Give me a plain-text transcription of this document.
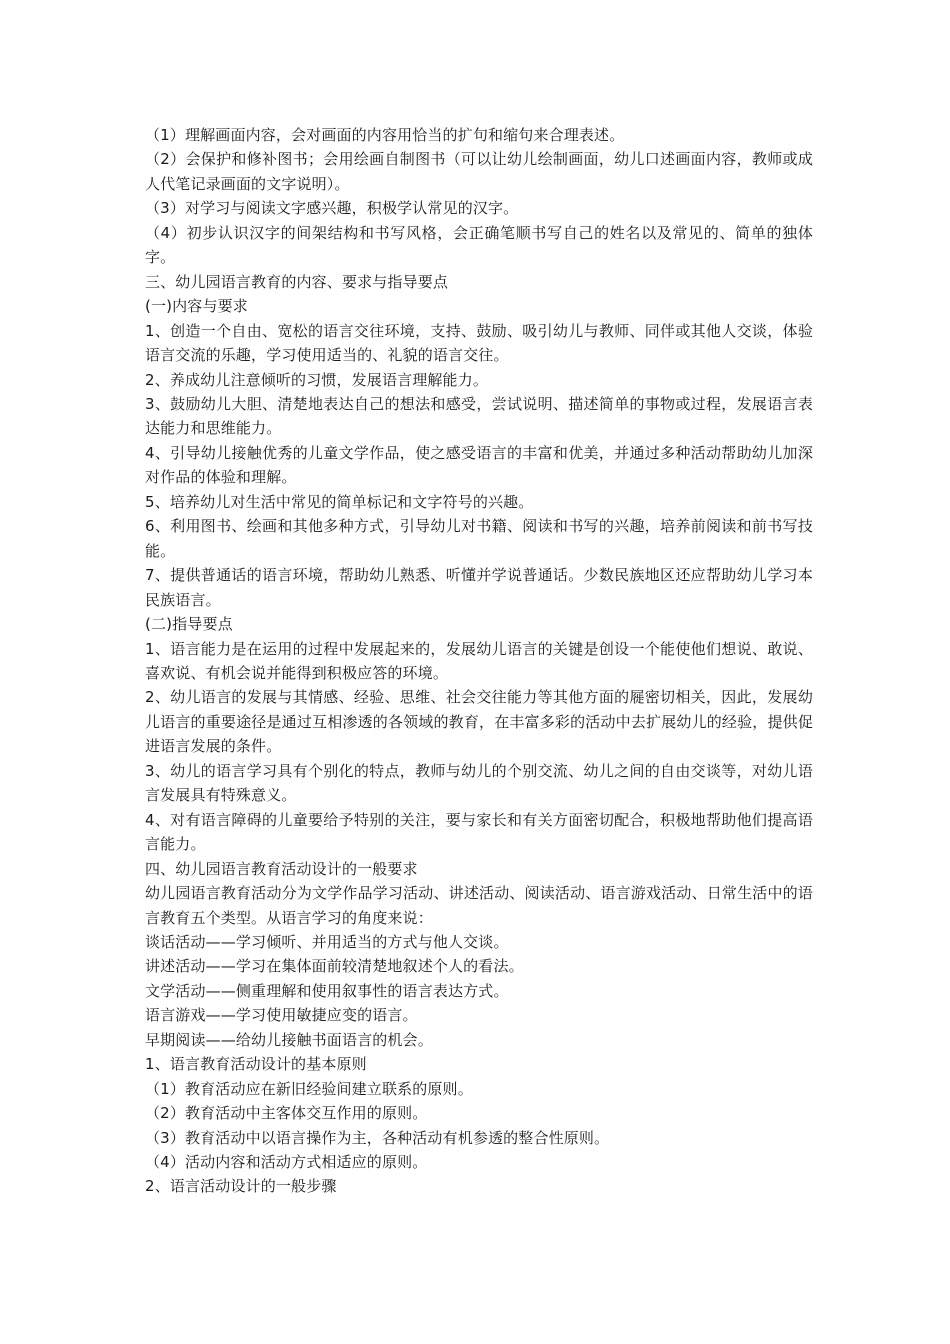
（1）理解画面内容，会对画面的内容用恰当的扩句和缩句来合理表述。
（2）会保护和修补图书；会用绘画自制图书（可以让幼儿绘制画面，幼儿口述画面内容，教师或成人代笔记录画面的文字说明）。
（3）对学习与阅读文字感兴趣，积极学认常见的汉字。
（4）初步认识汉字的间架结构和书写风格，会正确笔顺书写自己的姓名以及常见的、简单的独体字。
三、幼儿园语言教育的内容、要求与指导要点
(一)内容与要求
1、创造一个自由、宽松的语言交往环境，支持、鼓励、吸引幼儿与教师、同伴或其他人交谈，体验语言交流的乐趣，学习使用适当的、礼貌的语言交往。
2、养成幼儿注意倾听的习惯，发展语言理解能力。
3、鼓励幼儿大胆、清楚地表达自己的想法和感受，尝试说明、描述简单的事物或过程，发展语言表达能力和思维能力。
4、引导幼儿接触优秀的儿童文学作品，使之感受语言的丰富和优美，并通过多种活动帮助幼儿加深对作品的体验和理解。
5、培养幼儿对生活中常见的简单标记和文字符号的兴趣。
6、利用图书、绘画和其他多种方式，引导幼儿对书籍、阅读和书写的兴趣，培养前阅读和前书写技能。
7、提供普通话的语言环境，帮助幼儿熟悉、听懂并学说普通话。少数民族地区还应帮助幼儿学习本民族语言。
(二)指导要点
1、语言能力是在运用的过程中发展起来的，发展幼儿语言的关键是创设一个能使他们想说、敢说、喜欢说、有机会说并能得到积极应答的环境。
2、幼儿语言的发展与其情感、经验、思维、社会交往能力等其他方面的屣密切相关，因此，发展幼儿语言的重要途径是通过互相渗透的各领域的教育，在丰富多彩的活动中去扩展幼儿的经验，提供促进语言发展的条件。
3、幼儿的语言学习具有个别化的特点，教师与幼儿的个别交流、幼儿之间的自由交谈等，对幼儿语言发展具有特殊意义。
4、对有语言障碍的儿童要给予特别的关注，要与家长和有关方面密切配合，积极地帮助他们提高语言能力。
四、幼儿园语言教育活动设计的一般要求
幼儿园语言教育活动分为文学作品学习活动、讲述活动、阅读活动、语言游戏活动、日常生活中的语言教育五个类型。从语言学习的角度来说：
谈话活动——学习倾听、并用适当的方式与他人交谈。
讲述活动——学习在集体面前较清楚地叙述个人的看法。
文学活动——侧重理解和使用叙事性的语言表达方式。
语言游戏——学习使用敏捷应变的语言。
早期阅读——给幼儿接触书面语言的机会。
1、语言教育活动设计的基本原则
（1）教育活动应在新旧经验间建立联系的原则。
（2）教育活动中主客体交互作用的原则。
（3）教育活动中以语言操作为主，各种活动有机参透的整合性原则。
（4）活动内容和活动方式相适应的原则。
2、语言活动设计的一般步骤
